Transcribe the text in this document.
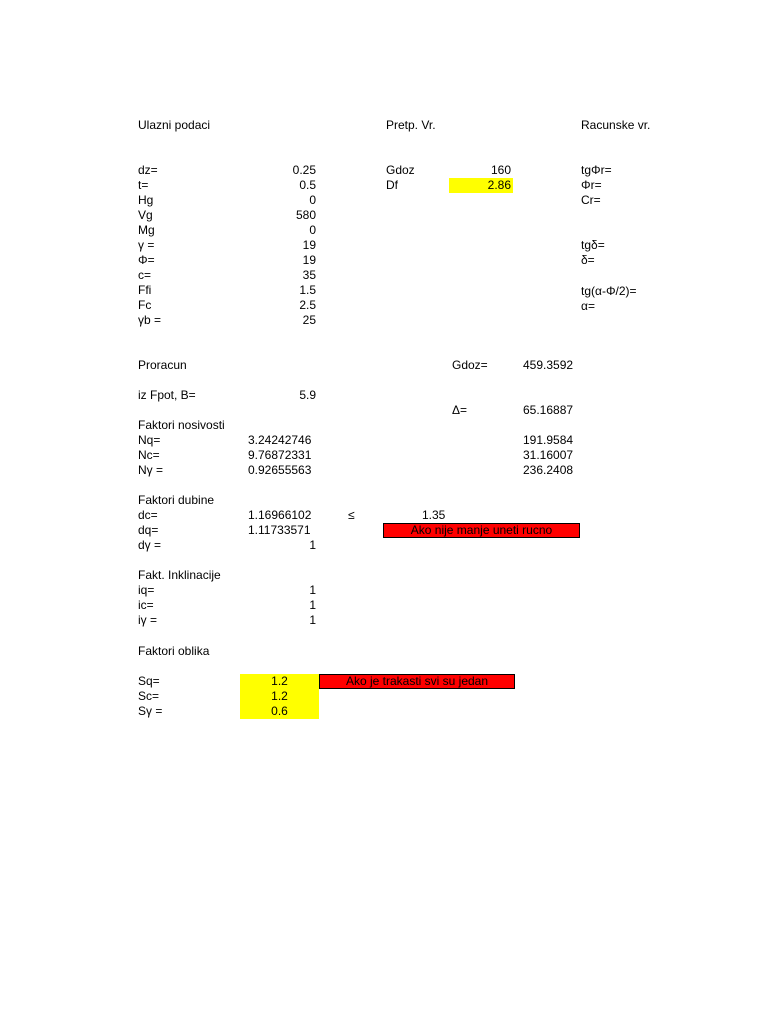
Ulazni podaci	Pretp. Vr.	Racunske vr.
dz=	0.25
t=	0.5
Hg	0
Vg	580
Mg	0
γ =	19
Φ=	19
c=	35
Ffi	1.5
Fc	2.5
γb =	25
Gdoz	160
Df	2.86
tgΦr=
Φr=
Cr=
tgδ=
δ=
tg(α-Φ/2)=
α=
Proracun	Gdoz=	459.3592
iz Fpot, B=	5.9
Δ=	65.16887
Faktori nosivosti
Nq=	3.24242746	191.9584
Nc=	9.76872331	31.16007
Nγ =	0.92655563	236.2408
Faktori dubine
dc=	1.16966102	≤	1.35
dq=	1.11733571	Ako nije manje uneti rucno
dγ =	1
Fakt. Inklinacije
iq=	1
ic=	1
iγ =	1
Faktori oblika
Sq=	1.2	Ako je trakasti svi su jedan
Sc=	1.2
Sγ =	0.6
